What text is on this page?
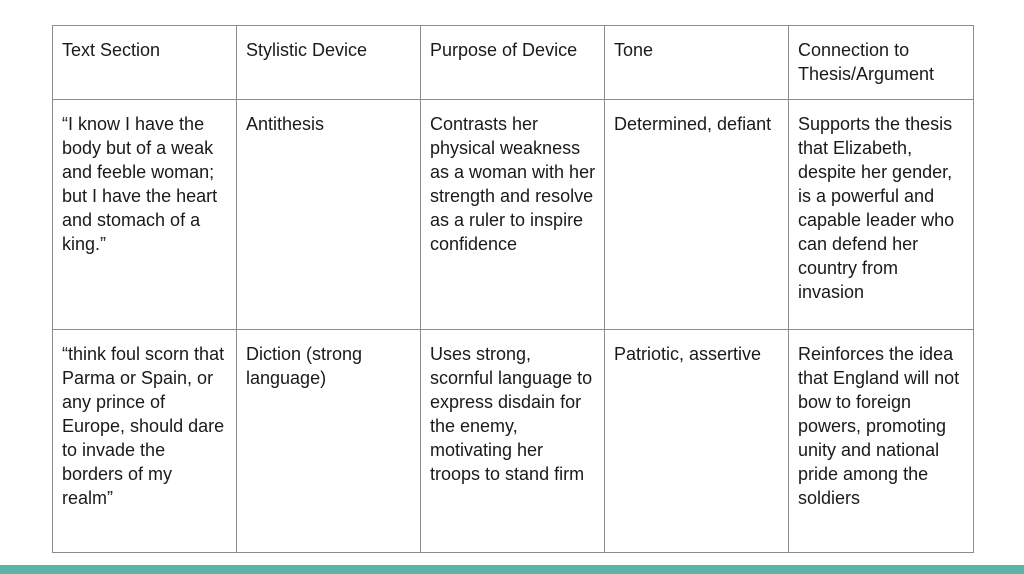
Text Section	Stylistic Device	Purpose of Device	Tone	Connection to Thesis/Argument
“I know I have the body but of a weak and feeble woman; but I have the heart and stomach of a king.”	Antithesis	Contrasts her physical weakness as a woman with her strength and resolve as a ruler to inspire confidence	Determined, defiant	Supports the thesis that Elizabeth, despite her gender, is a powerful and capable leader who can defend her country from invasion
“think foul scorn that Parma or Spain, or any prince of Europe, should dare to invade the borders of my realm”	Diction (strong language)	Uses strong, scornful language to express disdain for the enemy, motivating her troops to stand firm	Patriotic, assertive	Reinforces the idea that England will not bow to foreign powers, promoting unity and national pride among the soldiers
